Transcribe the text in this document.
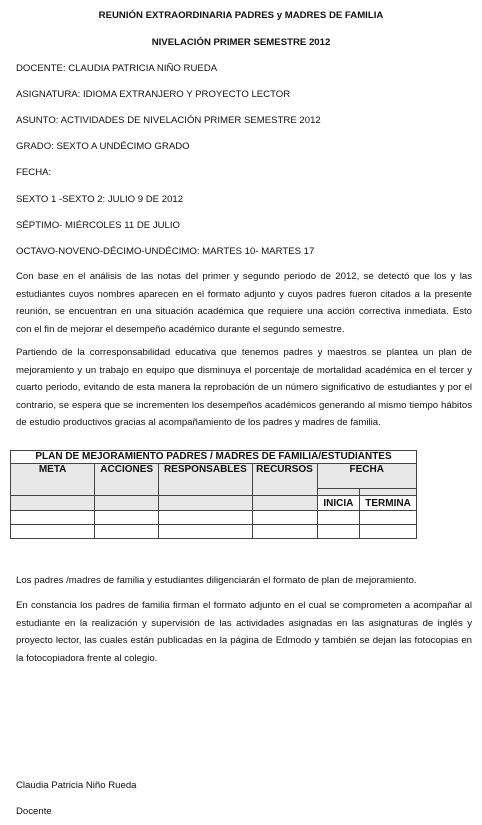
REUNIÓN EXTRAORDINARIA PADRES y MADRES DE FAMILIA
NIVELACIÓN PRIMER SEMESTRE 2012
DOCENTE: CLAUDIA PATRICIA NIÑO RUEDA
ASIGNATURA: IDIOMA EXTRANJERO Y PROYECTO LECTOR
ASUNTO: ACTIVIDADES DE NIVELACIÓN PRIMER SEMESTRE 2012
GRADO: SEXTO A UNDÉCIMO GRADO
FECHA:
SEXTO 1 -SEXTO 2: JULIO 9 DE 2012
SÉPTIMO- MIÉRCOLES 11 DE JULIO
OCTAVO-NOVENO-DÉCIMO-UNDÉCIMO: MARTES 10- MARTES 17
Con base en el análisis de las notas del primer y segundo periodo de 2012, se detectó que los y las estudiantes cuyos nombres aparecen en el formato adjunto y cuyos padres fueron citados a la presente reunión, se encuentran en una situación académica que requiere una acción correctiva inmediata. Esto con el fin de mejorar el desempeño académico durante el segundo semestre.
Partiendo de la corresponsabilidad educativa que tenemos padres y maestros se plantea un plan de mejoramiento y un trabajo en equipo que disminuya el porcentaje de mortalidad académica en el tercer y cuarto periodo, evitando de esta manera la reprobación de un número significativo de estudiantes y por el contrario, se espera que se incrementen los desempeños académicos generando al mismo tiempo hábitos de estudio productivos gracias al acompañamiento de los padres y madres de familia.
PLAN DE MEJORAMIENTO PADRES / MADRES DE FAMILIA/ESTUDIANTES					
META	ACCIONES	RESPONSABLES	RECURSOS	FECHA	

				INICIA	TERMINA

Los padres /madres de familia y estudiantes diligenciarán el formato de plan de mejoramiento.
En constancia los padres de familia firman el formato adjunto en el cual se comprometen a acompañar al estudiante en la realización y supervisión de las actividades asignadas en las asignaturas de inglés y proyecto lector, las cuales están publicadas en la página de Edmodo y también se dejan las fotocopias en la fotocopiadora frente al colegio.
Claudia Patricia Niño Rueda
Docente
